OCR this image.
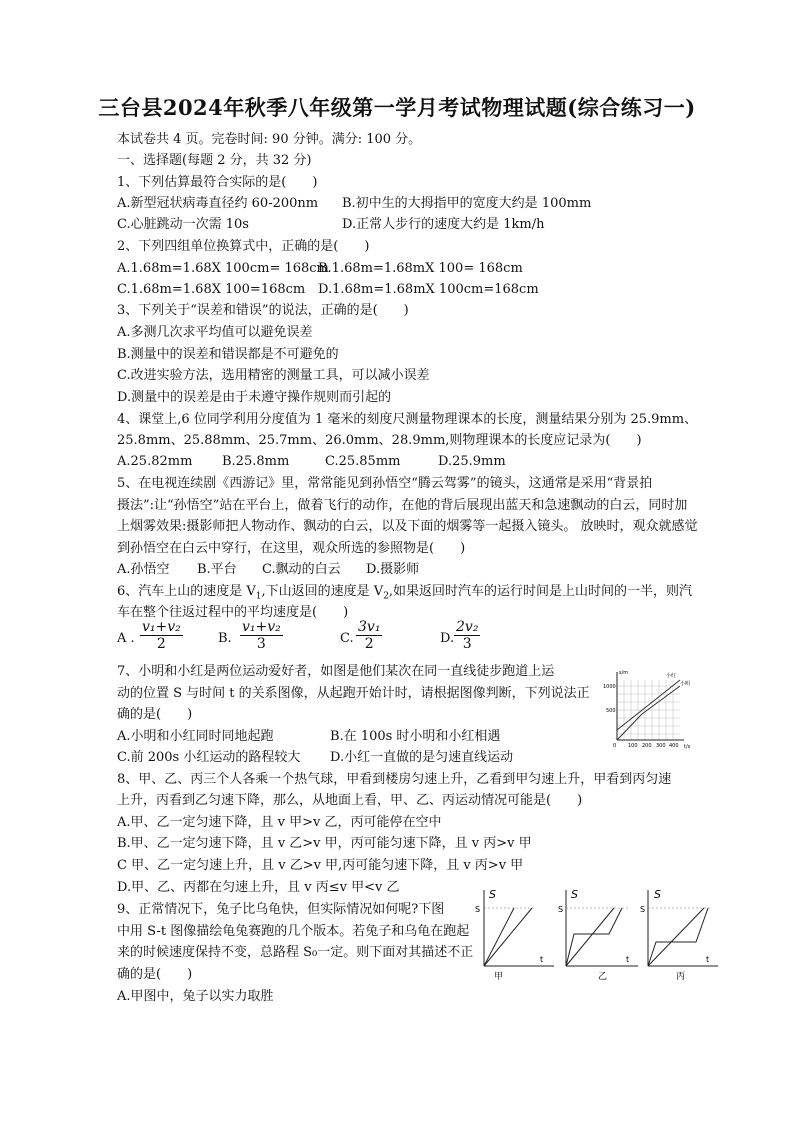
三台县2024年秋季八年级第一学月考试物理试题(综合练习一)
本试卷共 4 页。完卷时间: 90 分钟。满分: 100 分。
一、选择题(每题 2 分，共 32 分)
1、下列估算最符合实际的是(　　)
A.新型冠状病毒直径约 60-200nm B.初中生的大拇指甲的宽度大约是 100mm
C.心脏跳动一次需 10s	D.正常人步行的速度大约是 1km/h
2、下列四组单位换算式中，正确的是(　　)
A.1.68m=1.68X 100cm= 168cm
B.1.68m=1.68mX 100= 168cm
C.1.68m=1.68X 100=168cm D.1.68m=1.68mX 100cm=168cm
3、下列关于“误差和错误”的说法，正确的是(　　)
A.多测几次求平均值可以避免误差
B.测量中的误差和错误都是不可避免的
C.改进实验方法，选用精密的测量工具，可以减小误差
D.测量中的误差是由于未遵守操作规则而引起的
4、课堂上,6 位同学利用分度值为 1 毫米的刻度尺测量物理课本的长度，测量结果分别为 25.9mm、
25.8mm、25.88mm、25.7mm、26.0mm、28.9mm,则物理课本的长度应记录为(　　)
A.25.82mm B.25.8mm	C.25.85mm	D.25.9mm
5、在电视连续剧《西游记》里，常常能见到孙悟空“腾云驾雾”的镜头，这通常是采用“背景拍
摄法”:让“孙悟空”站在平台上，做着飞行的动作，在他的背后展现出蓝天和急速飘动的白云，同时加
上烟雾效果:摄影师把人物动作、飘动的白云，以及下面的烟雾等一起摄入镜头。 放映时，观众就感觉
到孙悟空在白云中穿行，在这里，观众所选的参照物是(　　)
A.孙悟空 B.平台 C.飘动的白云 D.摄影师
6、汽车上山的速度是 $V_1$,下山返回的速度是 $V_2$,如果返回时汽车的运行时间是上山时间的一半，则汽
车在整个往返过程中的平均速度是(　　)
A . $\frac{\text{v₁+v₂}}{2}$	B. $\frac{\text{v₁+v₂}}{3}$	C. $\frac{\text{3v₁}}{2}$	D. $\frac{\text{2v₂}}{3}$
7、小明和小红是两位运动爱好者，如图是他们某次在同一直线徒步跑道上运
动的位置 S 与时间 t 的关系图像，从起跑开始计时，请根据图像判断，下列说法正
确的是(　　)
A.小明和小红同时同地起跑	B.在 100s 时小明和小红相遇
C.前 200s 小红运动的路程较大 D.小红一直做的是匀速直线运动
s/m
t/s
1000
500
0 100 200 300 400
小红
小明
8、甲、乙、丙三个人各乘一个热气球，甲看到楼房匀速上升，乙看到甲匀速上升，甲看到丙匀速
上升，丙看到乙匀速下降，那么，从地面上看，甲、乙、丙运动情况可能是(　　)
A.甲、乙一定匀速下降，且 v 甲>v 乙，丙可能停在空中
B.甲、乙一定匀速下降，且 v 乙>v 甲，丙可能匀速下降，且 v 丙>v 甲
C 甲、乙一定匀速上升，且 v 乙>v 甲,丙可能匀速下降，且 v 丙>v 甲
D.甲、乙、丙都在匀速上升，且 v 丙≤v 甲<v 乙
9、正常情况下，兔子比乌龟快，但实际情况如何呢?下图
中用 S-t 图像描绘龟兔赛跑的几个版本。若兔子和乌龟在跑起
来的时候速度保持不变，总路程 S₀一定。则下面对其描述不正
确的是(　　)
A.甲图中，兔子以实力取胜
S
S
t
甲
S
S
t
乙
S
S
t
丙
